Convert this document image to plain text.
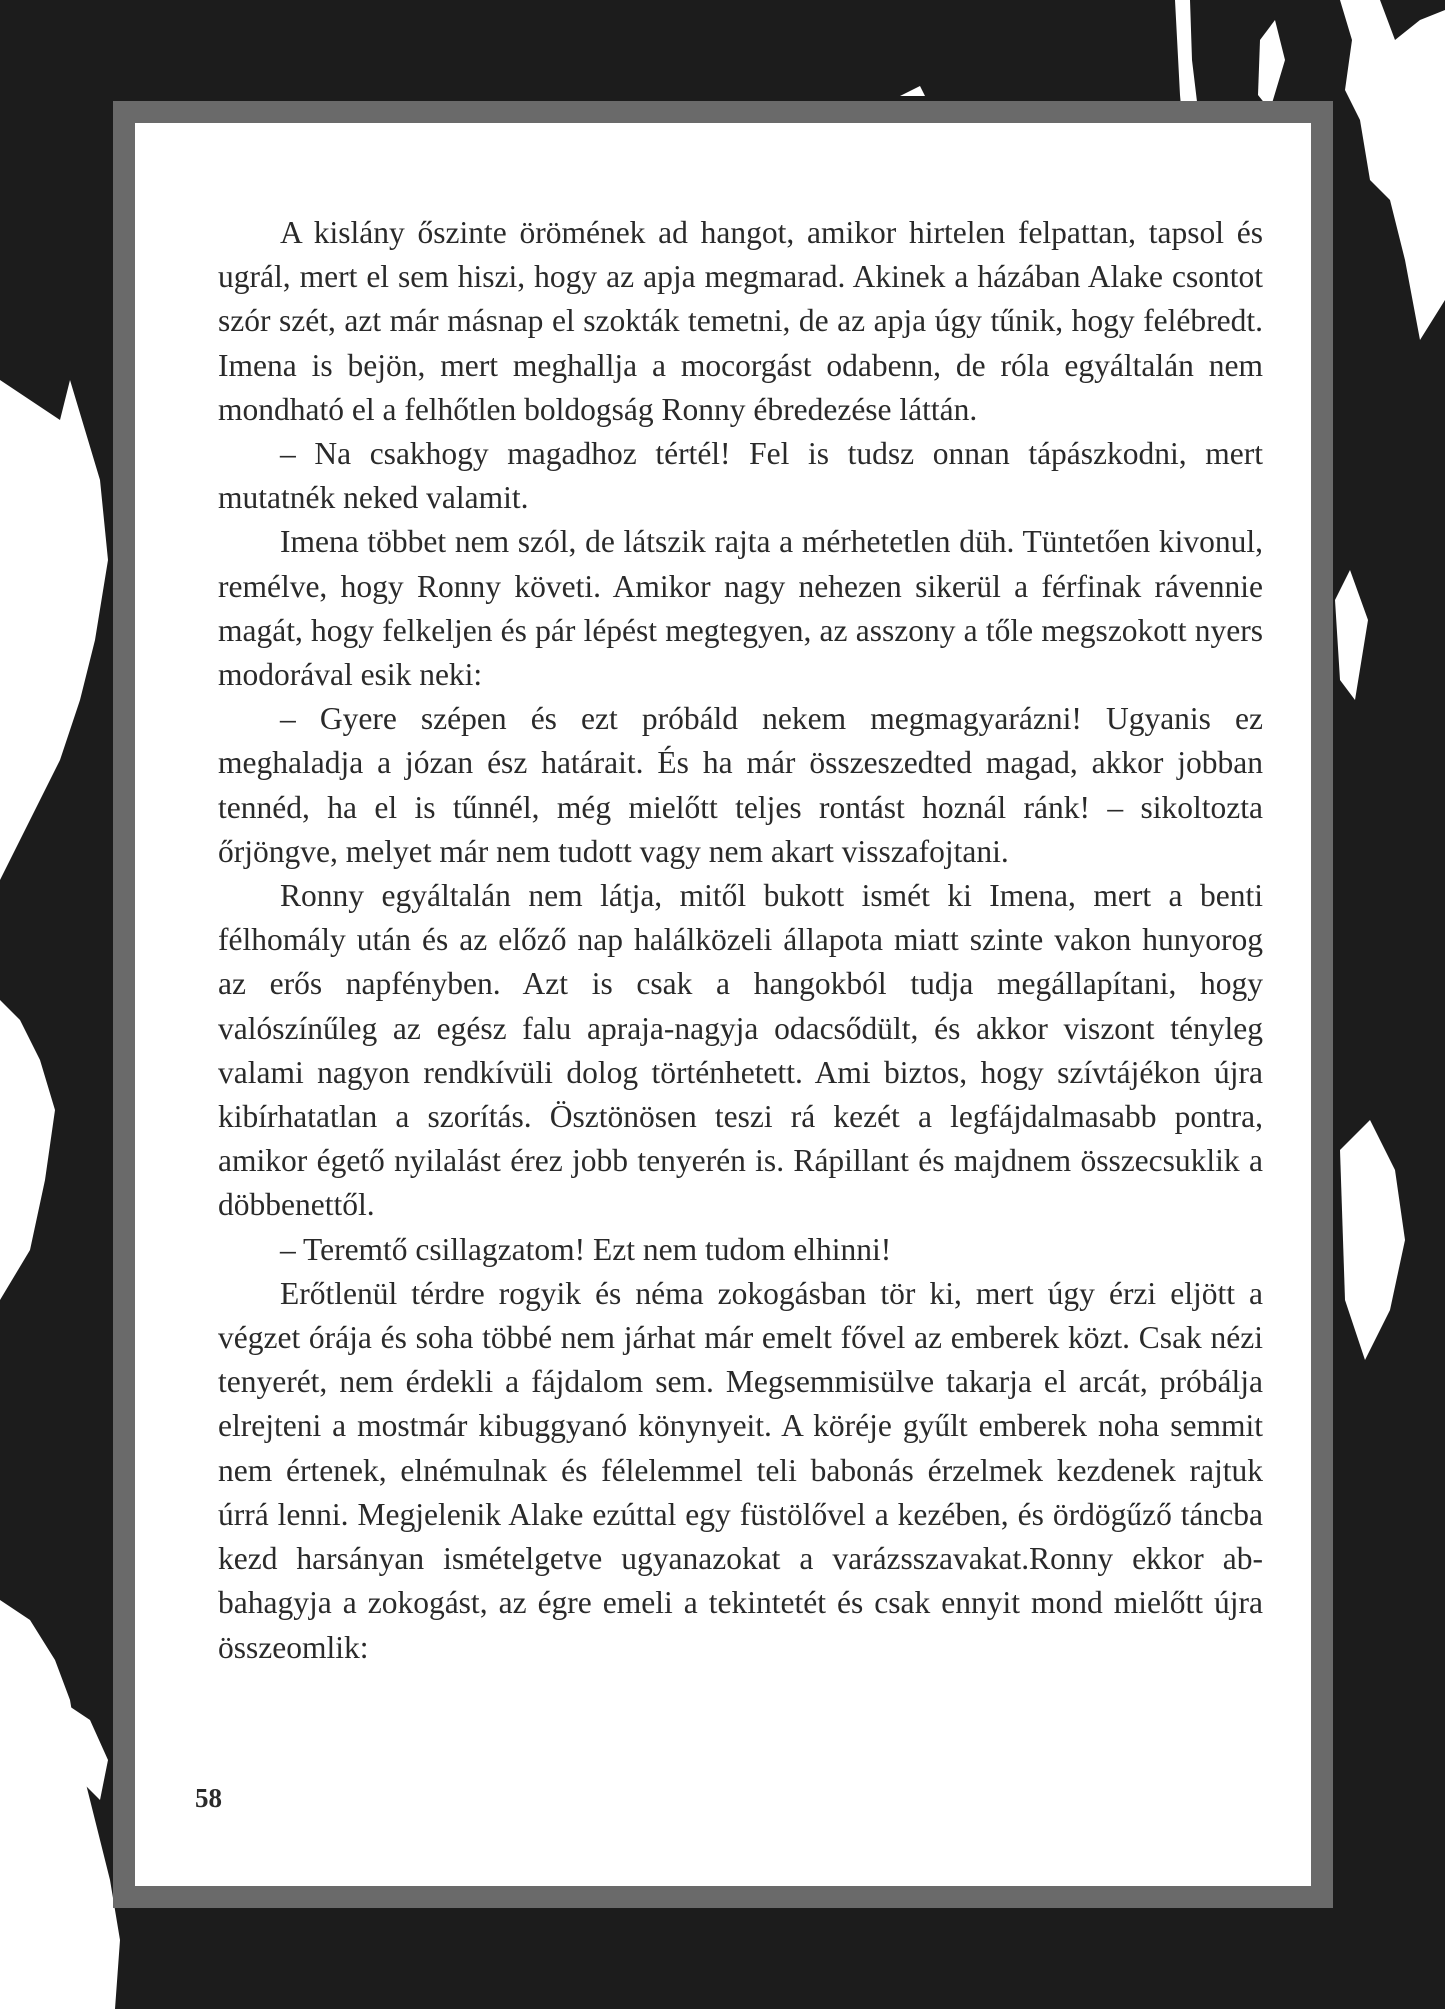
A kislány őszinte örömének ad hangot, amikor hirtelen felpattan, tapsol és ugrál, mert el sem hiszi, hogy az apja megmarad. Akinek a házában Alake csontot szór szét, azt már másnap el szokták temetni, de az apja úgy tűnik, hogy felébredt. Imena is bejön, mert meghallja a mocorgást odabenn, de róla egyáltalán nem mondható el a felhőtlen boldogság Ronny ébredezése láttán.

– Na csakhogy magadhoz tértél! Fel is tudsz onnan tápászkodni, mert mutatnék neked valamit.

Imena többet nem szól, de látszik rajta a mérhetetlen düh. Tüntetően kivonul, remélve, hogy Ronny követi. Amikor nagy nehezen sikerül a férfinak rávennie magát, hogy felkeljen és pár lépést megtegyen, az asszony a tőle megszokott nyers modorával esik neki:

– Gyere szépen és ezt próbáld nekem megmagyarázni! Ugyanis ez meghaladja a józan ész határait. És ha már összeszedted magad, akkor jobban tennéd, ha el is tűnnél, még mielőtt teljes rontást hoznál ránk! – sikoltozta őrjöngve, melyet már nem tudott vagy nem akart visszafojtani.

Ronny egyáltalán nem látja, mitől bukott ismét ki Imena, mert a benti félhomály után és az előző nap halálközeli állapota miatt szinte vakon hunyorog az erős napfényben. Azt is csak a hangokból tudja megállapítani, hogy valószínűleg az egész falu apraja-nagyja odacsődült, és akkor viszont tényleg valami nagyon rendkívüli dolog történhetett. Ami biztos, hogy szívtájékon újra kibírhatatlan a szorítás. Ösztönösen teszi rá kezét a legfájdalmasabb pontra, amikor égető nyilalást érez jobb tenyerén is. Rápillant és majdnem összecsuklik a döbbenettől.

– Teremtő csillagzatom! Ezt nem tudom elhinni!

Erőtlenül térdre rogyik és néma zokogásban tör ki, mert úgy érzi eljött a végzet órája és soha többé nem járhat már emelt fővel az emberek közt. Csak nézi tenyerét, nem érdekli a fájdalom sem. Megsemmisülve takarja el arcát, próbálja elrejteni a mostmár kibuggyanó könynyeit. A köréje gyűlt emberek noha semmit nem értenek, elnémulnak és félelemmel teli babonás érzelmek kezdenek rajtuk úrrá lenni. Megjelenik Alake ezúttal egy füstölővel a kezében, és ördögűző táncba kezd harsányan ismételgetve ugyanazokat a varázsszavakat.Ronny ekkor abbahagyja a zokogást, az égre emeli a tekintetét és csak ennyit mond mielőtt újra összeomlik:

58
